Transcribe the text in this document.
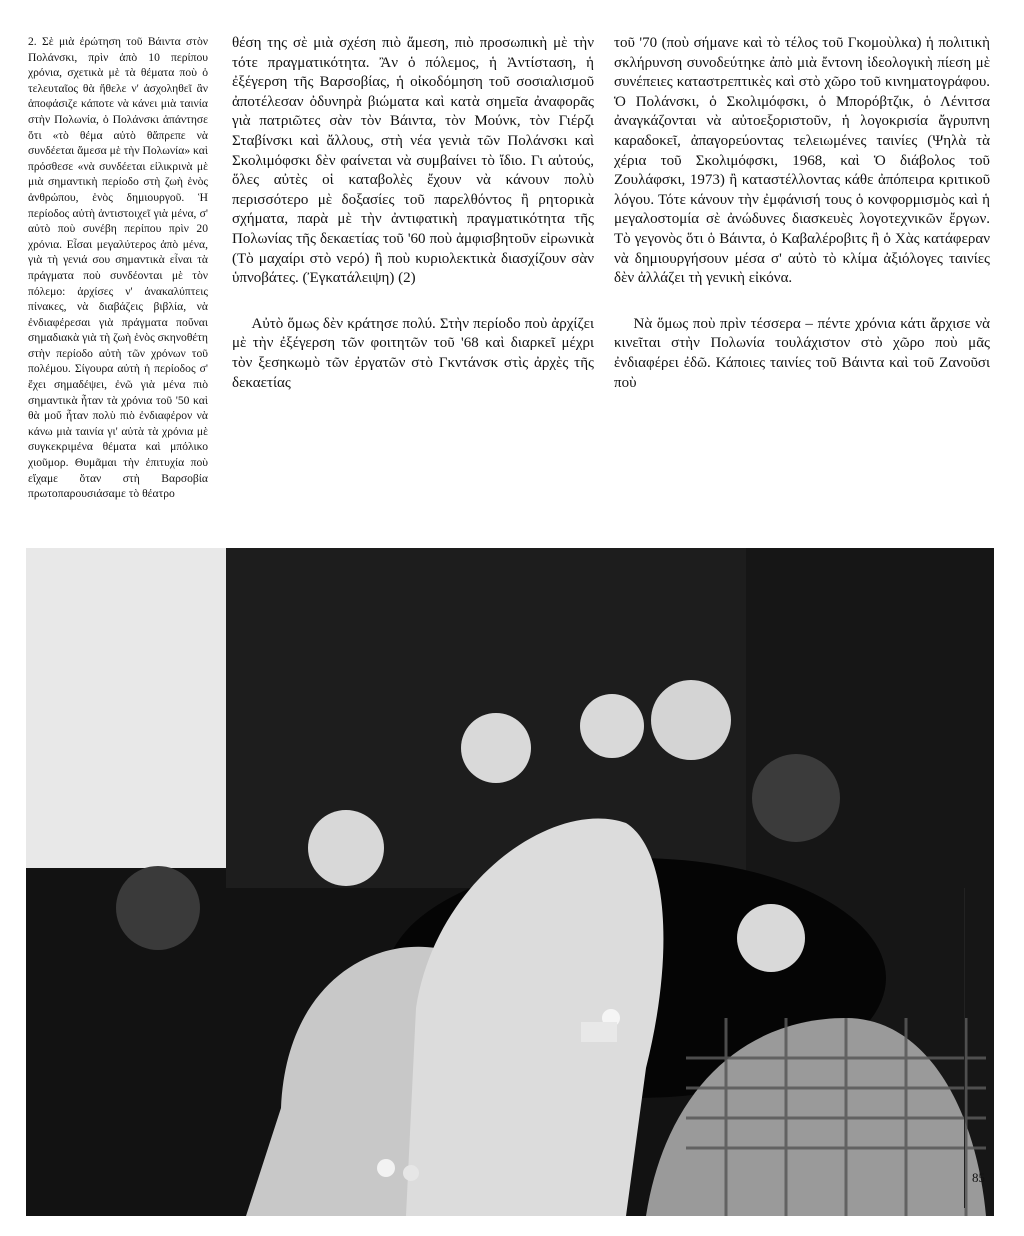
2. Σὲ μιὰ ἐρώτηση τοῦ Βάιντα στὸν Πολάνσκι, πρὶν ἀπὸ 10 περίπου χρόνια, σχετικὰ μὲ τὰ θέματα ποὺ ὁ τελευταῖος θὰ ἤθελε ν' ἀσχοληθεῖ ἂν ἀποφάσιζε κάποτε νὰ κάνει μιὰ ταινία στὴν Πολωνία, ὁ Πολάνσκι ἀπάντησε ὅτι «τὸ θέμα αὐτὸ θἄπρεπε νὰ συνδέεται ἄμεσα μὲ τὴν Πολωνία» καὶ πρόσθεσε «νὰ συνδέεται εἰλικρινὰ μὲ μιὰ σημαντικὴ περίοδο στὴ ζωὴ ἑνὸς ἀνθρώπου, ἑνὸς δημιουργοῦ. Ἡ περίοδος αὐτὴ ἀντιστοιχεῖ γιὰ μένα, σ' αὐτὸ ποὺ συνέβη περίπου πρὶν 20 χρόνια. Εἶσαι μεγαλύτερος ἀπὸ μένα, γιὰ τὴ γενιά σου σημαντικὰ εἶναι τὰ πράγματα ποὺ συνδέονται μὲ τὸν πόλεμο: ἀρχίσες ν' ἀνακαλύπτεις πίνακες, νὰ διαβάζεις βιβλία, νὰ ἐνδιαφέρεσαι γιὰ πράγματα ποὔναι σημαδιακὰ γιὰ τὴ ζωὴ ἑνὸς σκηνοθέτη στὴν περίοδο αὐτὴ τῶν χρόνων τοῦ πολέμου. Σίγουρα αὐτὴ ἡ περίοδος σ' ἔχει σημαδέψει, ἐνῶ γιὰ μένα πιὸ σημαντικὰ ἦταν τὰ χρόνια τοῦ '50 καὶ θὰ μοὔ ἦταν πολὺ πιὸ ἐνδιαφέρον νὰ κάνω μιὰ ταινία γι' αὐτὰ τὰ χρόνια μὲ συγκεκριμένα θέματα καὶ μπόλικο χιοῦμορ. Θυμᾶμαι τὴν ἐπιτυχία ποὺ εἴχαμε ὅταν στὴ Βαρσοβία πρωτοπαρουσιάσαμε τὸ θέατρο

θέση της σὲ μιὰ σχέση πιὸ ἄμεση, πιὸ προσωπικὴ μὲ τὴν τότε πραγματικότητα. Ἂν ὁ πόλεμος, ἡ Ἀντίσταση, ἡ ἐξέγερση τῆς Βαρσοβίας, ἡ οἰκοδόμηση τοῦ σοσιαλισμοῦ ἀποτέλεσαν ὀδυνηρὰ βιώματα καὶ κατὰ σημεῖα ἀναφορᾶς γιὰ πατριῶτες σὰν τὸν Βάιντα, τὸν Μούνκ, τὸν Γιέρζι Σταβίνσκι καὶ ἄλλους, στὴ νέα γενιὰ τῶν Πολάνσκι καὶ Σκολιμόφσκι δὲν φαίνεται νὰ συμβαίνει τὸ ἴδιο. Γι αὐτούς, ὅλες αὐτὲς οἱ καταβολὲς ἔχουν νὰ κάνουν πολὺ περισσότερο μὲ δοξασίες τοῦ παρελθόντος ἢ ρητορικὰ σχήματα, παρὰ μὲ τὴν ἀντιφατικὴ πραγματικότητα τῆς Πολωνίας τῆς δεκαετίας τοῦ '60 ποὺ ἀμφισβητοῦν εἰρωνικὰ (Τὸ μαχαίρι στὸ νερό) ἢ ποὺ κυριολεκτικὰ διασχίζουν σὰν ὑπνοβάτες. (Ἐγκατάλειψη) (2)

Αὐτὸ ὅμως δὲν κράτησε πολύ. Στὴν περίοδο ποὺ ἀρχίζει μὲ τὴν ἐξέγερση τῶν φοιτητῶν τοῦ '68 καὶ διαρκεῖ μέχρι τὸν ξεσηκωμὸ τῶν ἐργατῶν στὸ Γκντάνσκ στὶς ἀρχὲς τῆς δεκαετίας

τοῦ '70 (ποὺ σήμανε καὶ τὸ τέλος τοῦ Γκομοὺλκα) ἡ πολιτικὴ σκλήρυνση συνοδεύτηκε ἀπὸ μιὰ ἔντονη ἰδεολογικὴ πίεση μὲ συνέπειες καταστρεπτικὲς καὶ στὸ χῶρο τοῦ κινηματογράφου. Ὁ Πολάνσκι, ὁ Σκολιμόφσκι, ὁ Μπορόβτζικ, ὁ Λένιτσα ἀναγκάζονται νὰ αὐτοεξοριστοῦν, ἡ λογοκρισία ἄγρυπνη καραδοκεῖ, ἀπαγορεύοντας τελειωμένες ταινίες (Ψηλὰ τὰ χέρια τοῦ Σκολιμόφσκι, 1968, καὶ Ὁ διάβολος τοῦ Ζουλάφσκι, 1973) ἢ καταστέλλοντας κάθε ἀπόπειρα κριτικοῦ λόγου. Τότε κάνουν τὴν ἐμφάνισή τους ὁ κονφορμισμὸς καὶ ἡ μεγαλοστομία σὲ ἀνώδυνες διασκευὲς λογοτεχνικῶν ἔργων. Τὸ γεγονὸς ὅτι ὁ Βάιντα, ὁ Καβαλέροβιτς ἢ ὁ Χὰς κατάφεραν νὰ δημιουργήσουν μέσα σ' αὐτὸ τὸ κλίμα ἀξιόλογες ταινίες δὲν ἀλλάζει τὴ γενικὴ εἰκόνα.

Νὰ ὅμως ποὺ πρὶν τέσσερα – πέντε χρόνια κάτι ἄρχισε νὰ κινεῖται στὴν Πολωνία τουλάχιστον στὸ χῶρο ποὺ μᾶς ἐνδιαφέρει ἐδῶ. Κάποιες ταινίες τοῦ Βάιντα καὶ τοῦ Ζανοῦσι ποὺ

85
